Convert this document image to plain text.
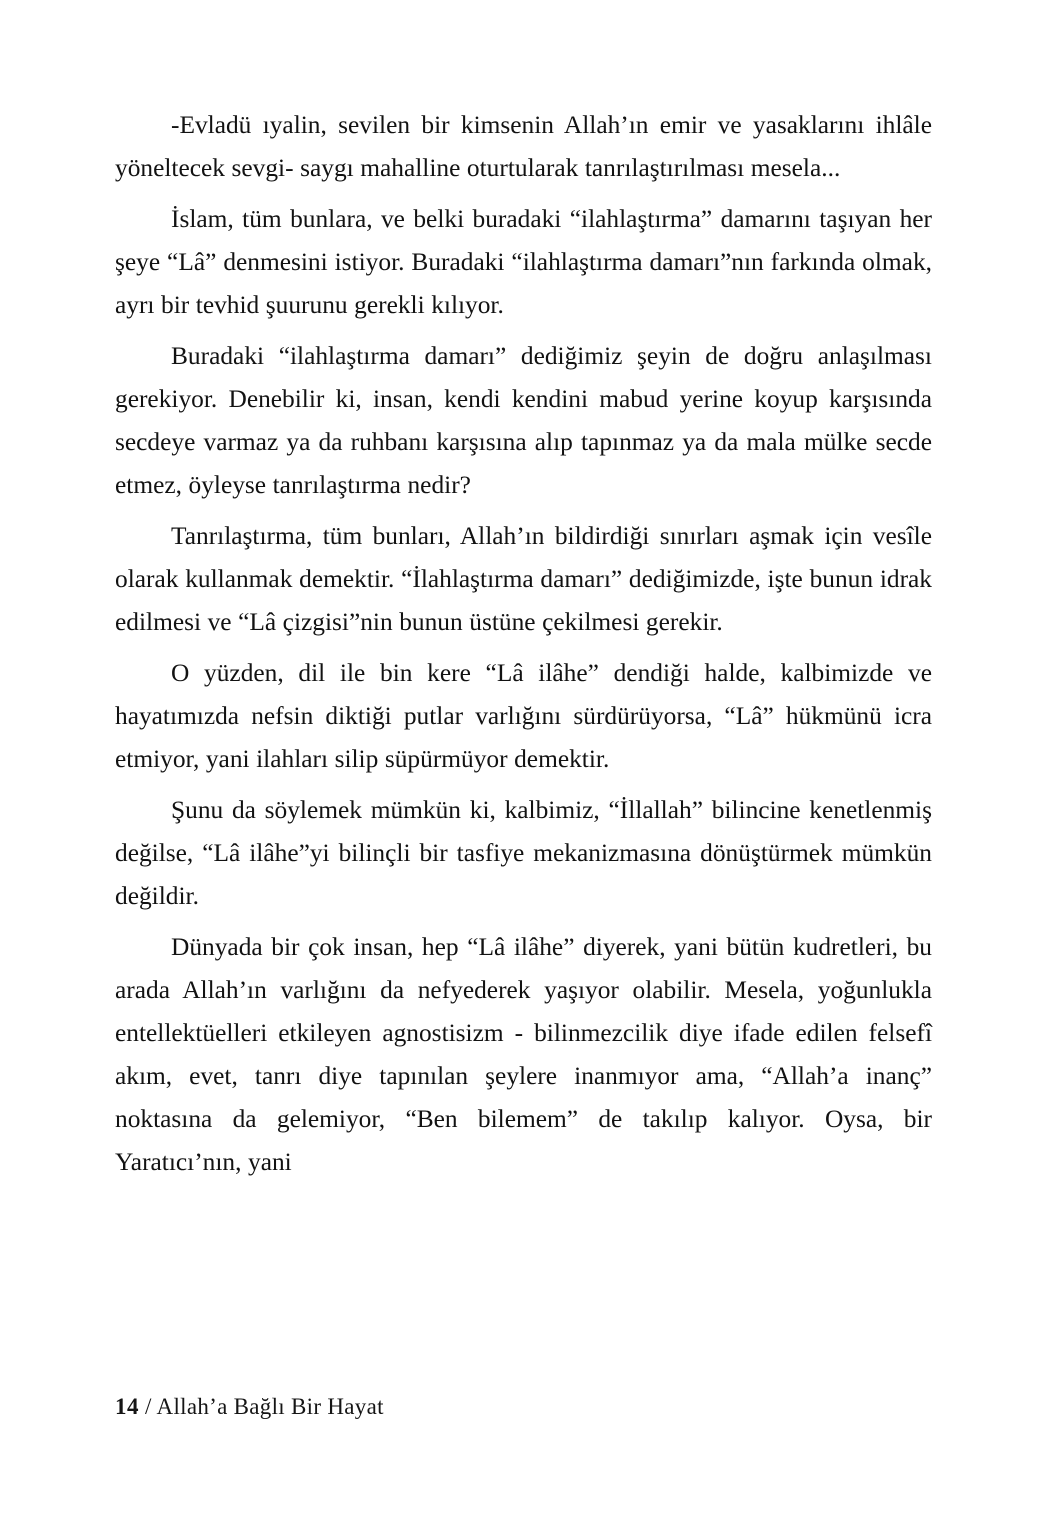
-Evladü ıyalin, sevilen bir kimsenin Allah’ın emir ve yasaklarını ihlâle yöneltecek sevgi- saygı mahalline oturtularak tanrılaştırılması mesela...

İslam, tüm bunlara, ve belki buradaki “ilahlaştırma” damarını taşıyan her şeye “Lâ” denmesini istiyor. Buradaki “ilahlaştırma damarı”nın farkında olmak, ayrı bir tevhid şuurunu gerekli kılıyor.

Buradaki “ilahlaştırma damarı” dediğimiz şeyin de doğru anlaşılması gerekiyor. Denebilir ki, insan, kendi kendini mabud yerine koyup karşısında secdeye varmaz ya da ruhbanı karşısına alıp tapınmaz ya da mala mülke secde etmez, öyleyse tanrılaştırma nedir?

Tanrılaştırma, tüm bunları, Allah’ın bildirdiği sınırları aşmak için vesîle olarak kullanmak demektir. “İlahlaştırma damarı” dediğimizde, işte bunun idrak edilmesi ve “Lâ çizgisi”nin bunun üstüne çekilmesi gerekir.

O yüzden, dil ile bin kere “Lâ ilâhe” dendiği halde, kalbimizde ve hayatımızda nefsin diktiği putlar varlığını sürdürüyorsa, “Lâ” hükmünü icra etmiyor, yani ilahları silip süpürmüyor demektir.

Şunu da söylemek mümkün ki, kalbimiz, “İllallah” bilincine kenetlenmiş değilse, “Lâ ilâhe”yi bilinçli bir tasfiye mekanizmasına dönüştürmek mümkün değildir.

Dünyada bir çok insan, hep “Lâ ilâhe” diyerek, yani bütün kudretleri, bu arada Allah’ın varlığını da nefyederek yaşıyor olabilir. Mesela, yoğunlukla entellektüelleri etkileyen agnostisizm - bilinmezcilik diye ifade edilen felsefî akım, evet, tanrı diye tapınılan şeylere inanmıyor ama, “Allah’a inanç” noktasına da gelemiyor, “Ben bilemem” de takılıp kalıyor. Oysa, bir Yaratıcı’nın, yani

14 / Allah’a Bağlı Bir Hayat
